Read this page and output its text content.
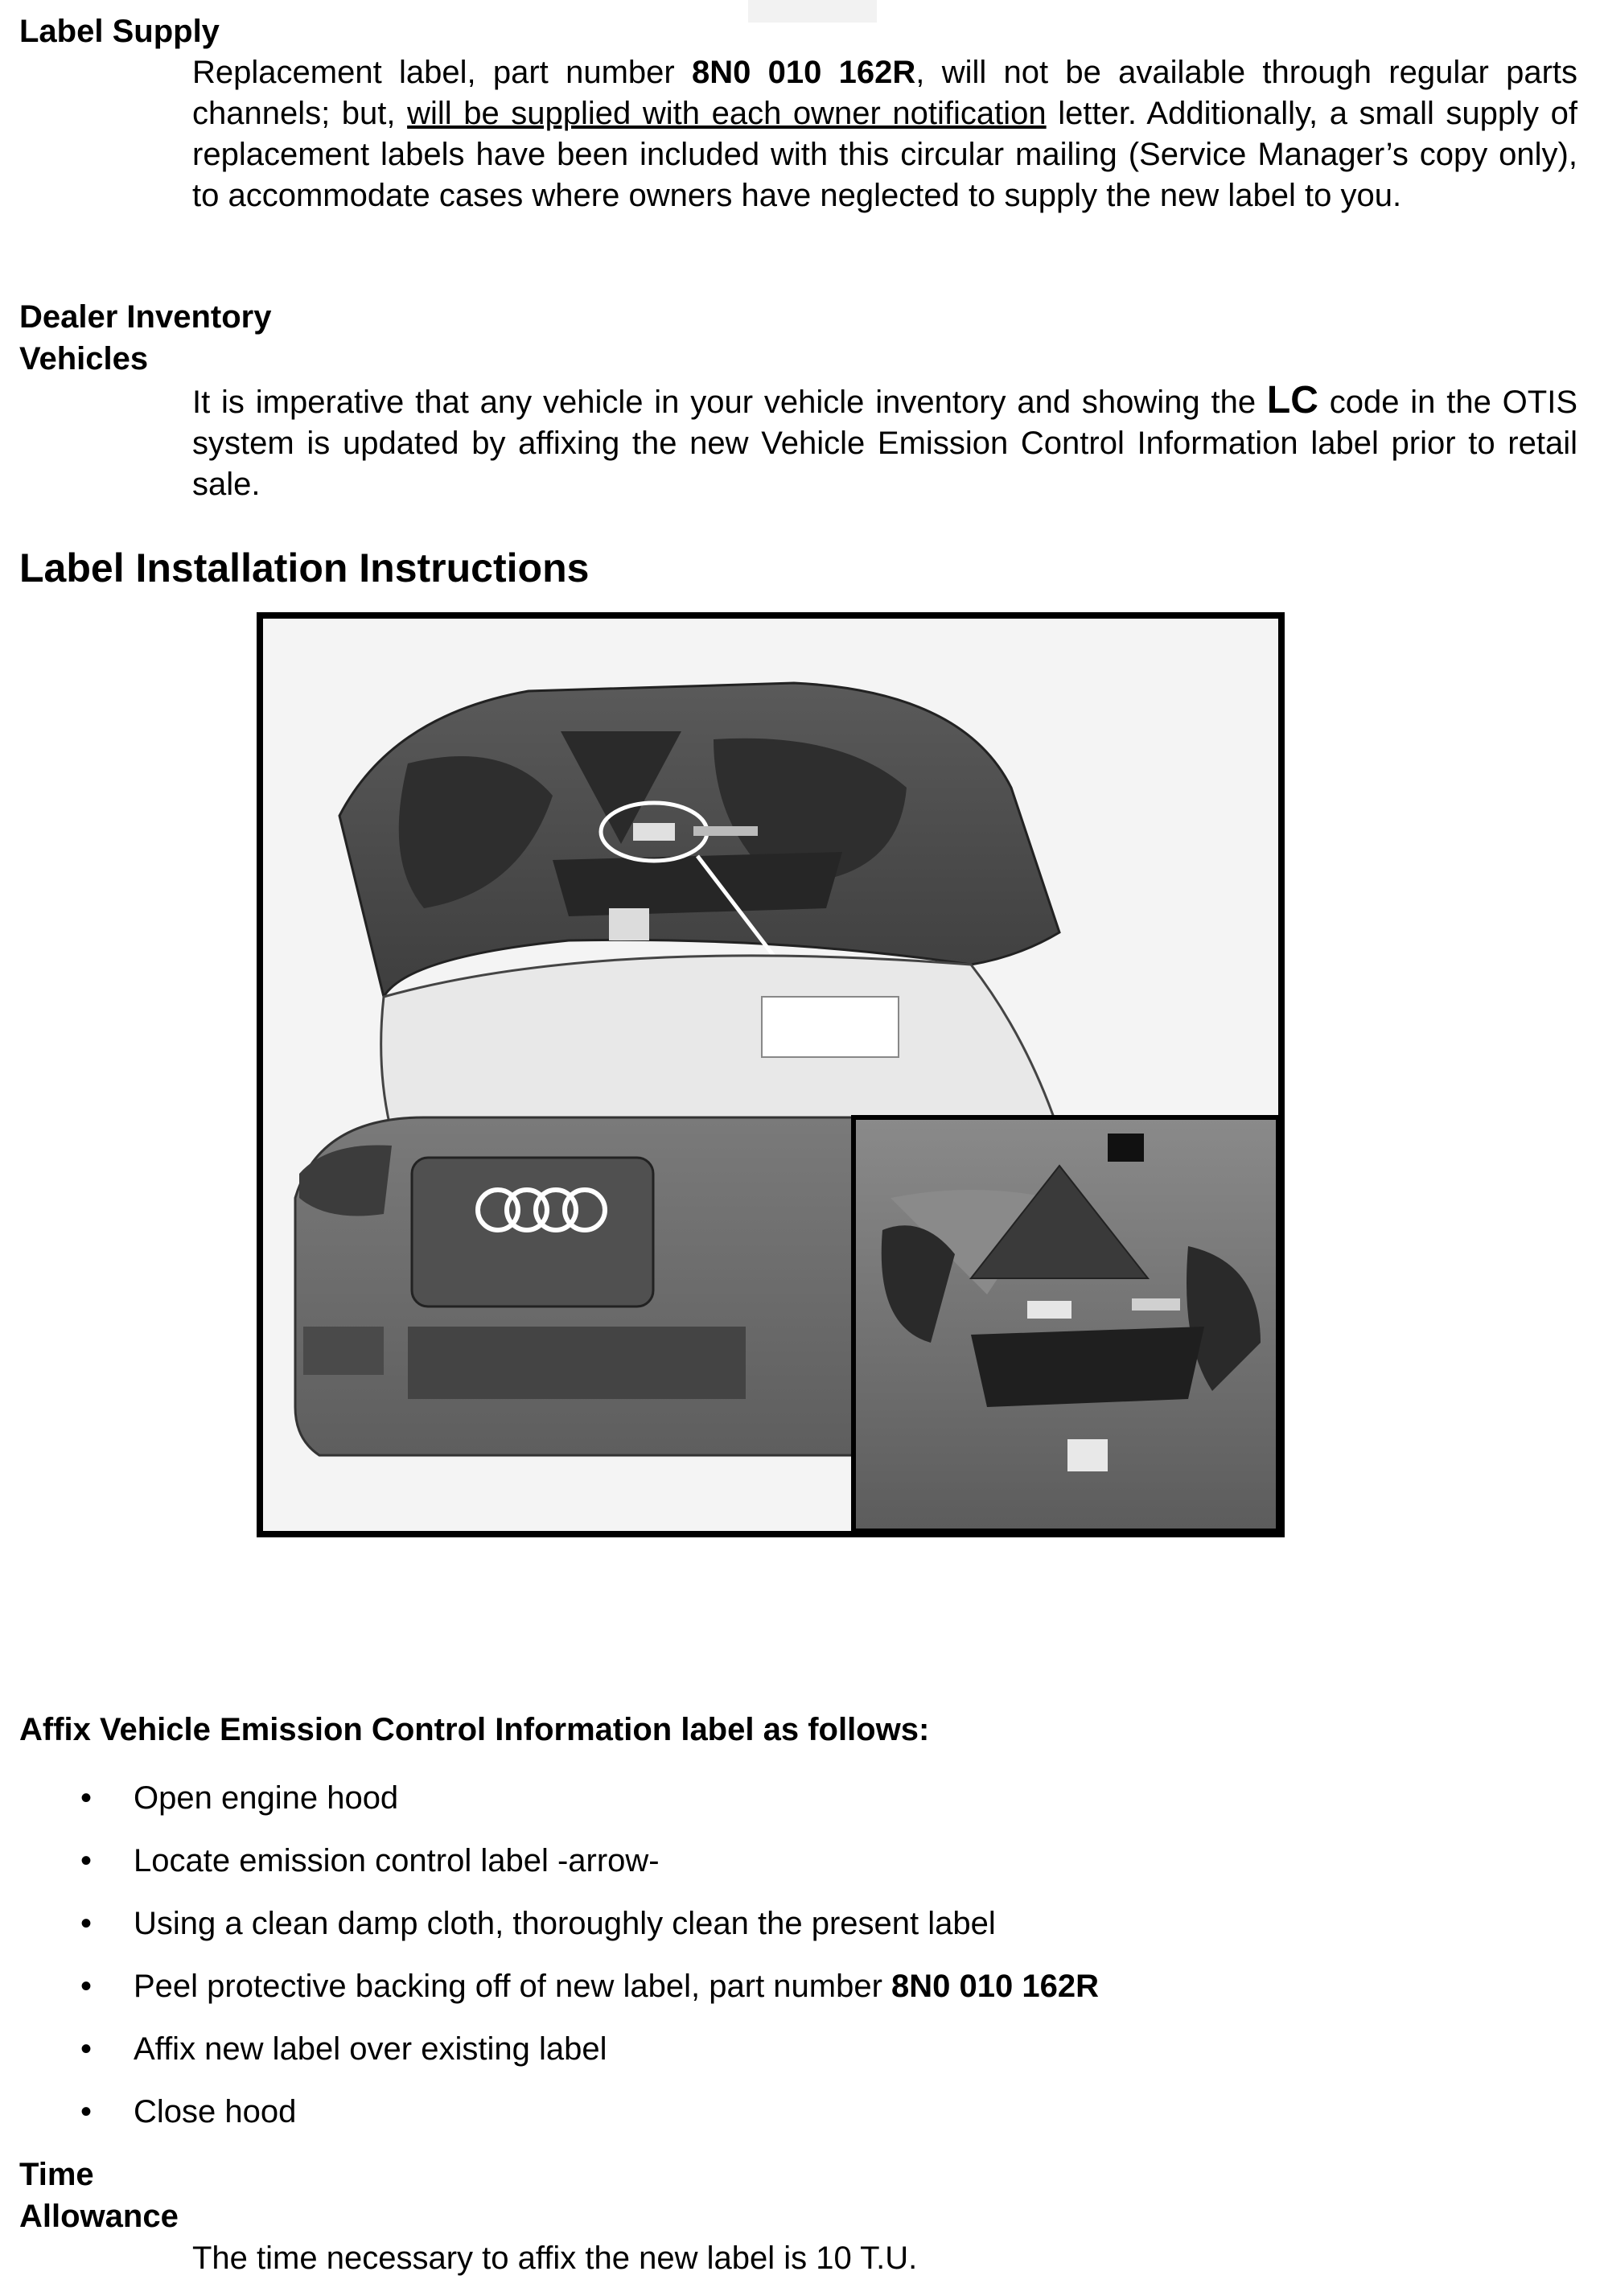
Label Supply

Replacement label, part number 8N0 010 162R, will not be available through regular parts channels; but, will be supplied with each owner notification letter. Additionally, a small supply of replacement labels have been included with this circular mailing (Service Manager’s copy only), to accommodate cases where owners have neglected to supply the new label to you.

Dealer Inventory
Vehicles

It is imperative that any vehicle in your vehicle inventory and showing the LC code in the OTIS system is updated by affixing the new Vehicle Emission Control Information label prior to retail sale.

Label Installation Instructions
Affix Vehicle Emission Control Information label as follows:
• Open engine hood
• Locate emission control label -arrow-
• Using a clean damp cloth, thoroughly clean the present label
• Peel protective backing off of new label, part number 8N0 010 162R
• Affix new label over existing label
• Close hood
Time
Allowance

The time necessary to affix the new label is 10 T.U.
